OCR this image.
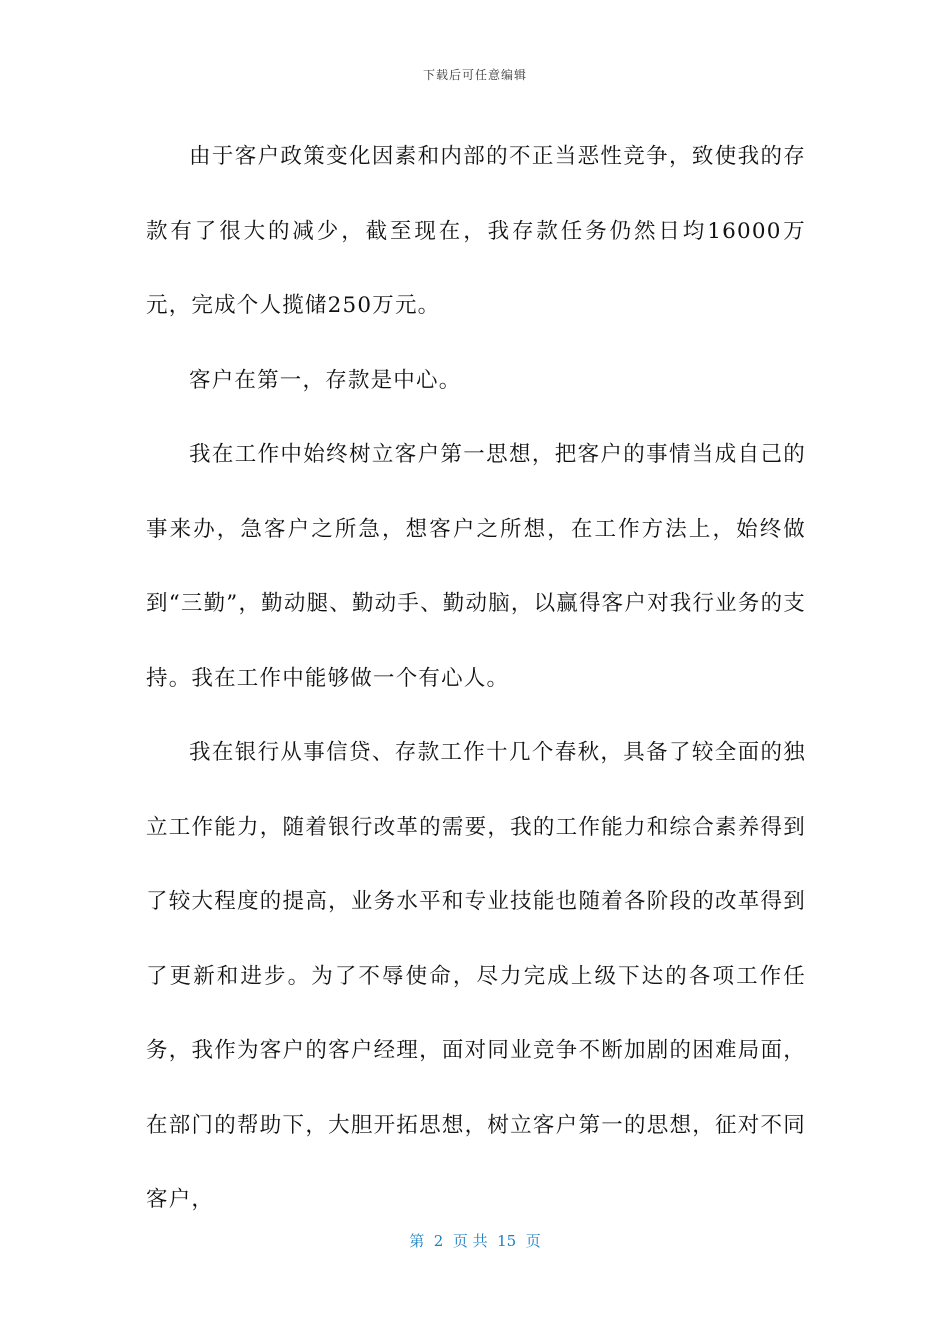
下载后可任意编辑

由于客户政策变化因素和内部的不正当恶性竞争，致使我的存款有了很大的减少，截至现在，我存款任务仍然日均16000万元，完成个人揽储250万元。

客户在第一，存款是中心。

我在工作中始终树立客户第一思想，把客户的事情当成自己的事来办，急客户之所急，想客户之所想，在工作方法上，始终做到“三勤”，勤动腿、勤动手、勤动脑，以赢得客户对我行业务的支持。我在工作中能够做一个有心人。

我在银行从事信贷、存款工作十几个春秋，具备了较全面的独立工作能力，随着银行改革的需要，我的工作能力和综合素养得到了较大程度的提高，业务水平和专业技能也随着各阶段的改革得到了更新和进步。为了不辱使命，尽力完成上级下达的各项工作任务，我作为客户的客户经理，面对同业竞争不断加剧的困难局面，在部门的帮助下，大胆开拓思想，树立客户第一的思想，征对不同客户，

第  2  页 共  15  页
